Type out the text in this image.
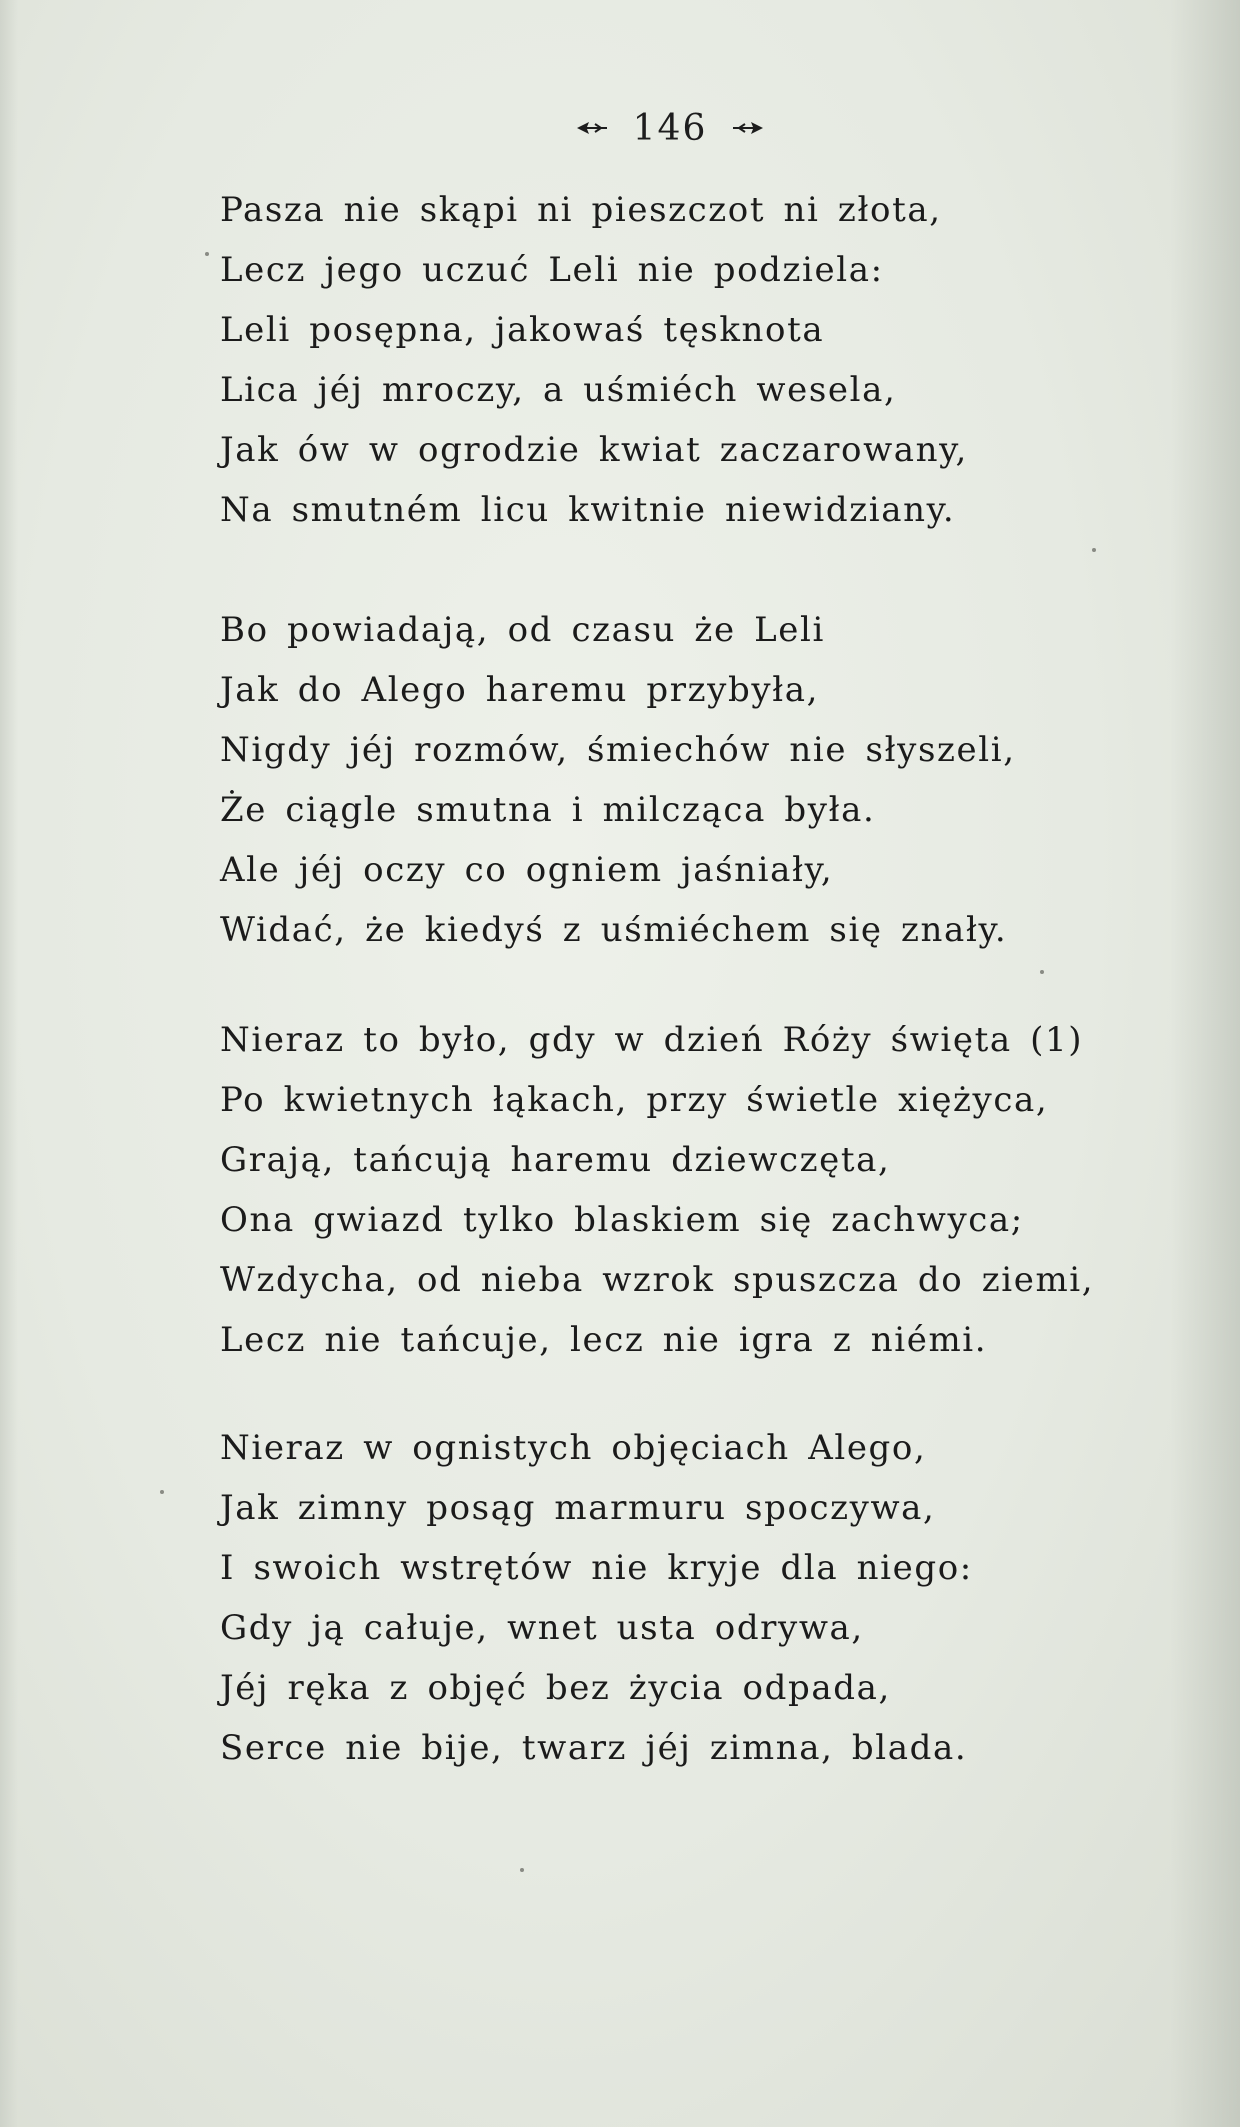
146
Pasza nie skąpi ni pieszczot ni złota,
Lecz jego uczuć Leli nie podziela:
Leli posępna, jakowaś tęsknota
Lica jéj mroczy, a uśmiéch wesela,
Jak ów w ogrodzie kwiat zaczarowany,
Na smutném licu kwitnie niewidziany.
Bo powiadają, od czasu że Leli
Jak do Alego haremu przybyła,
Nigdy jéj rozmów, śmiechów nie słyszeli,
Że ciągle smutna i milcząca była.
Ale jéj oczy co ogniem jaśniały,
Widać, że kiedyś z uśmiéchem się znały.
Nieraz to było, gdy w dzień Róży święta (1)
Po kwietnych łąkach, przy świetle xiężyca,
Grają, tańcują haremu dziewczęta,
Ona gwiazd tylko blaskiem się zachwyca;
Wzdycha, od nieba wzrok spuszcza do ziemi,
Lecz nie tańcuje, lecz nie igra z niémi.
Nieraz w ognistych objęciach Alego,
Jak zimny posąg marmuru spoczywa,
I swoich wstrętów nie kryje dla niego:
Gdy ją całuje, wnet usta odrywa,
Jéj ręka z objęć bez życia odpada,
Serce nie bije, twarz jéj zimna, blada.
